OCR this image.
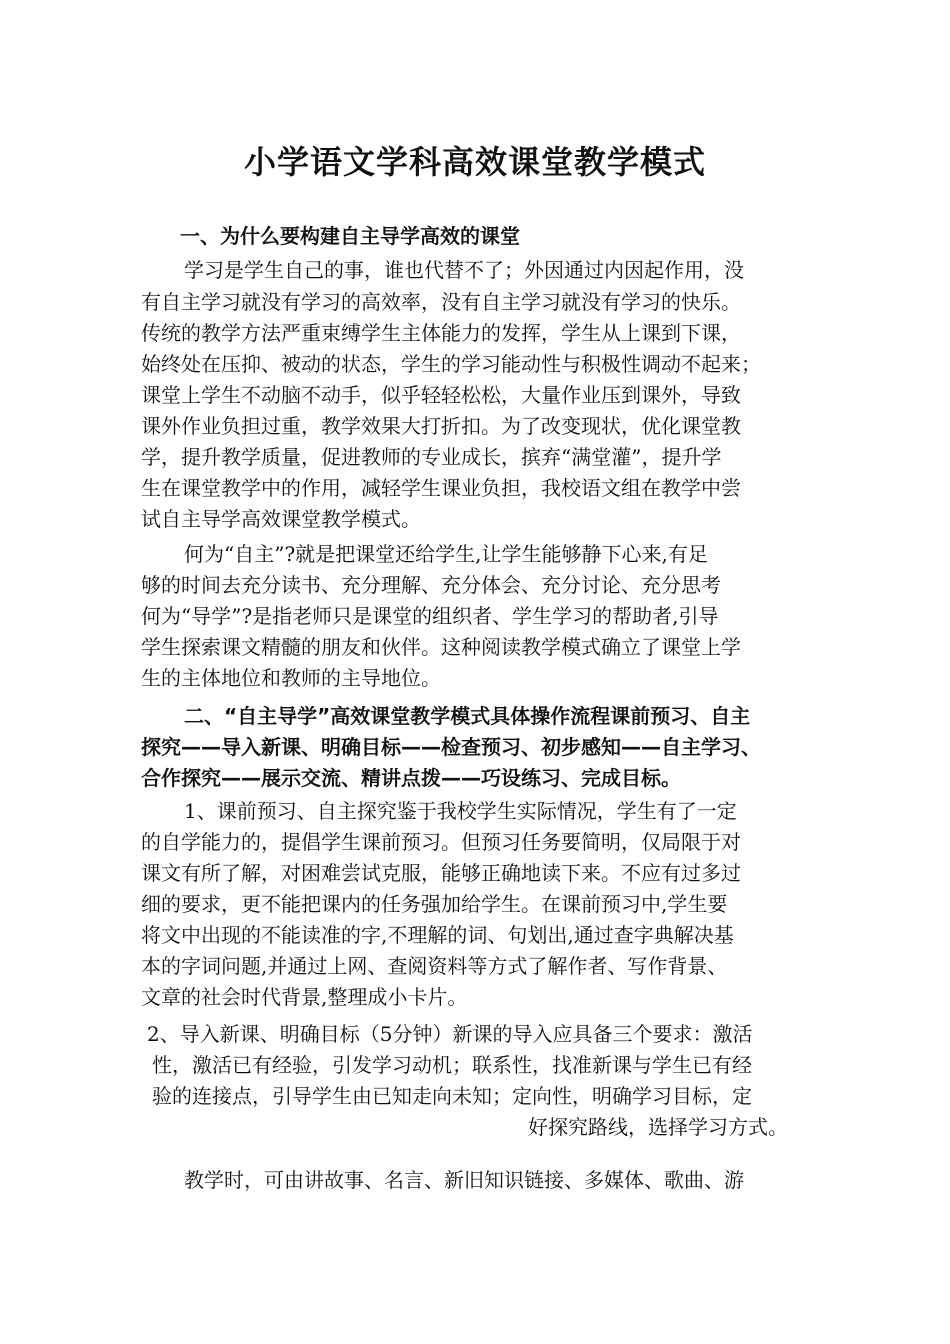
小学语文学科高效课堂教学模式
一、为什么要构建自主导学高效的课堂
学习是学生自己的事，谁也代替不了；外因通过内因起作用，没
有自主学习就没有学习的高效率，没有自主学习就没有学习的快乐。
传统的教学方法严重束缚学生主体能力的发挥，学生从上课到下课，
始终处在压抑、被动的状态，学生的学习能动性与积极性调动不起来；
课堂上学生不动脑不动手，似乎轻轻松松，大量作业压到课外，导致
课外作业负担过重，教学效果大打折扣。为了改变现状，优化课堂教
学，提升教学质量，促进教师的专业成长，摈弃“满堂灌”，提升学
生在课堂教学中的作用，减轻学生课业负担，我校语文组在教学中尝
试自主导学高效课堂教学模式。
何为“自主”?就是把课堂还给学生,让学生能够静下心来,有足
够的时间去充分读书、充分理解、充分体会、充分讨论、充分思考
何为“导学”?是指老师只是课堂的组织者、学生学习的帮助者,引导
学生探索课文精髓的朋友和伙伴。这种阅读教学模式确立了课堂上学
生的主体地位和教师的主导地位。
二、“自主导学”高效课堂教学模式具体操作流程课前预习、自主
探究——导入新课、明确目标——检查预习、初步感知——自主学习、
合作探究——展示交流、精讲点拨——巧设练习、完成目标。
1、课前预习、自主探究鉴于我校学生实际情况，学生有了一定
的自学能力的，提倡学生课前预习。但预习任务要简明，仅局限于对
课文有所了解，对困难尝试克服，能够正确地读下来。不应有过多过
细的要求，更不能把课内的任务强加给学生。在课前预习中,学生要
将文中出现的不能读准的字,不理解的词、句划出,通过查字典解决基
本的字词问题,并通过上网、查阅资料等方式了解作者、写作背景、
文章的社会时代背景,整理成小卡片。
2、导入新课、明确目标（5分钟）新课的导入应具备三个要求：激活
性，激活已有经验，引发学习动机；联系性，找准新课与学生已有经
验的连接点，引导学生由已知走向未知；定向性，明确学习目标，定
好探究路线，选择学习方式。
教学时，可由讲故事、名言、新旧知识链接、多媒体、歌曲、游
